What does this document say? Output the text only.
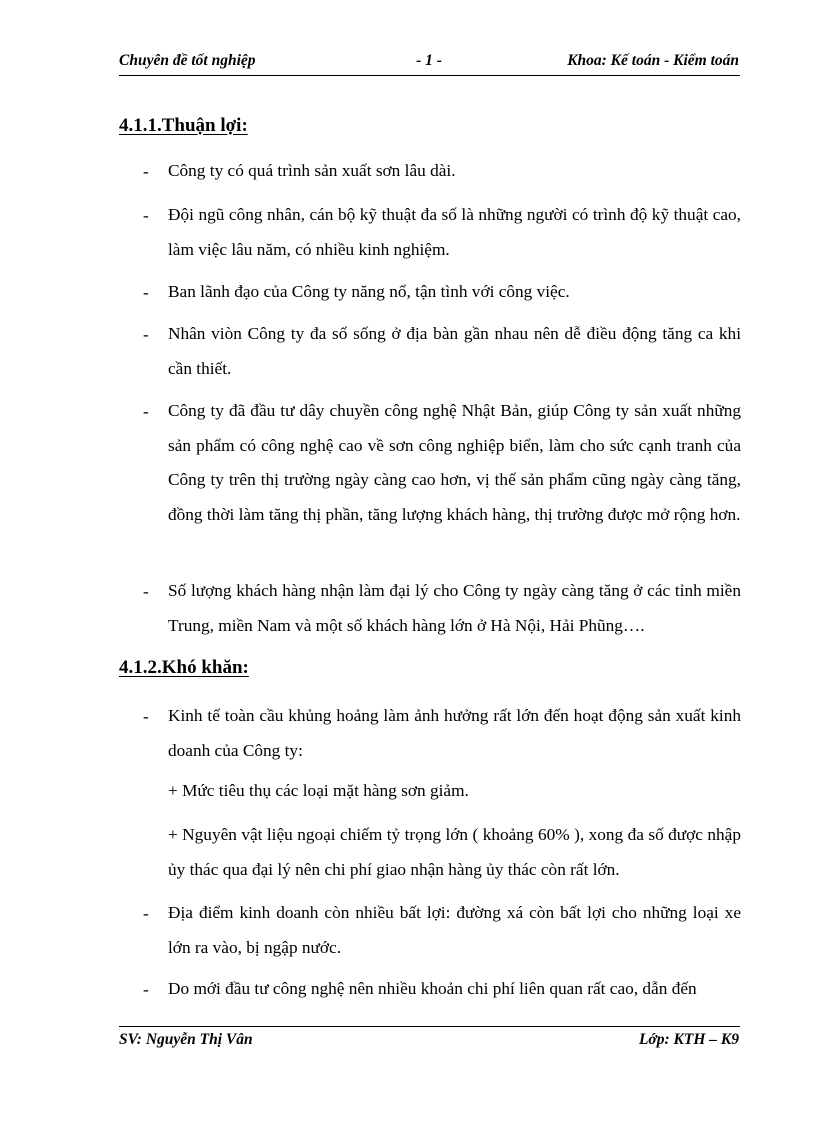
Chuyên đề tốt nghiệp	- 1 -	Khoa: Kế toán - Kiểm toán
4.1.1.Thuận lợi:
- Công ty có quá trình sản xuất sơn lâu dài.
- Đội ngũ công nhân, cán bộ kỹ thuật đa số là những người có trình độ kỹ thuật cao, làm việc lâu năm, có nhiều kinh nghiệm.
- Ban lãnh đạo của Công ty năng nổ, tận tình với công việc.
- Nhân viòn Công ty đa số sống ở địa bàn gần nhau nên dễ điều động tăng ca khi cần thiết.
- Công ty đã đầu tư dây chuyền công nghệ Nhật Bản, giúp Công ty sản xuất những sản phẩm có công nghệ cao về sơn công nghiệp biển, làm cho sức cạnh tranh của Công ty trên thị trường ngày càng cao hơn, vị thế sản phẩm cũng ngày càng tăng, đồng thời làm tăng thị phần, tăng lượng khách hàng, thị trường được mở rộng hơn.
- Số lượng khách hàng nhận làm đại lý cho Công ty ngày càng tăng ở các tỉnh miền Trung, miền Nam và một số khách hàng lớn ở Hà Nội, Hải Phũng….
4.1.2.Khó khăn:
- Kinh tế toàn cầu khủng hoảng làm ảnh hưởng rất lớn đến hoạt động sản xuất kinh doanh của Công ty:
+ Mức tiêu thụ các loại mặt hàng sơn giảm.
+ Nguyên vật liệu ngoại chiếm tỷ trọng lớn ( khoảng 60% ), xong đa số được nhập ủy thác qua đại lý nên chi phí giao nhận hàng ủy thác còn rất lớn.
- Địa điểm kinh doanh còn nhiều bất lợi: đường xá còn bất lợi cho những loại xe lớn ra vào, bị ngập nước.
- Do mới đầu tư công nghệ nên nhiều khoản chi phí liên quan rất cao, dẫn đến
SV: Nguyễn Thị Vân	Lớp: KTH – K9
